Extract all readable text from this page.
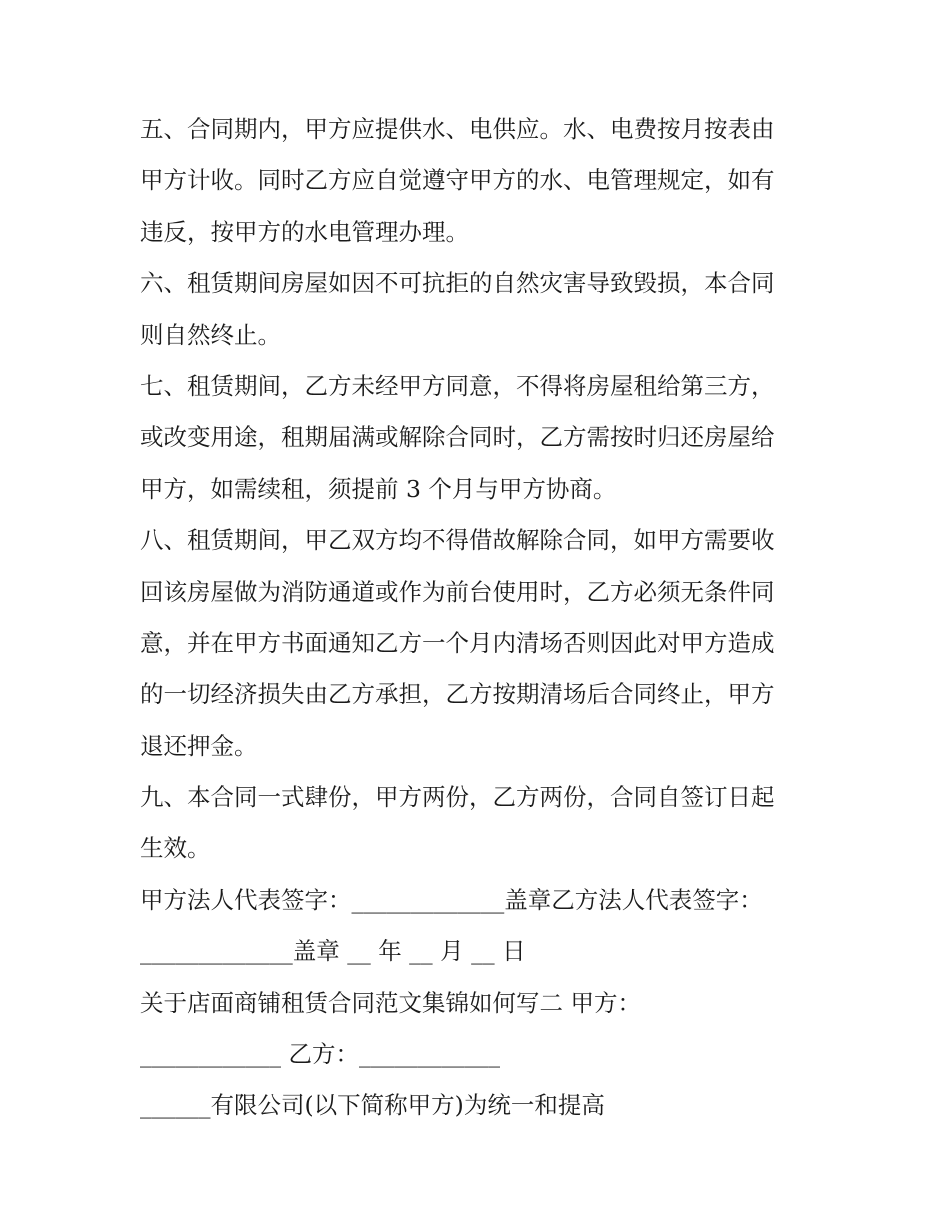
五、合同期内，甲方应提供水、电供应。水、电费按月按表由
甲方计收。同时乙方应自觉遵守甲方的水、电管理规定，如有
违反，按甲方的水电管理办理。
六、租赁期间房屋如因不可抗拒的自然灾害导致毁损，本合同
则自然终止。
七、租赁期间，乙方未经甲方同意，不得将房屋租给第三方，
或改变用途，租期届满或解除合同时，乙方需按时归还房屋给
甲方，如需续租，须提前 3 个月与甲方协商。
八、租赁期间，甲乙双方均不得借故解除合同，如甲方需要收
回该房屋做为消防通道或作为前台使用时，乙方必须无条件同
意，并在甲方书面通知乙方一个月内清场否则因此对甲方造成
的一切经济损失由乙方承担，乙方按期清场后合同终止，甲方
退还押金。
九、本合同一式肆份，甲方两份，乙方两份，合同自签订日起
生效。
甲方法人代表签字：_____________盖章乙方法人代表签字：
_____________盖章 __ 年 __ 月 __ 日
关于店面商铺租赁合同范文集锦如何写二 甲方：
____________ 乙方：____________
______有限公司(以下简称甲方)为统一和提高
